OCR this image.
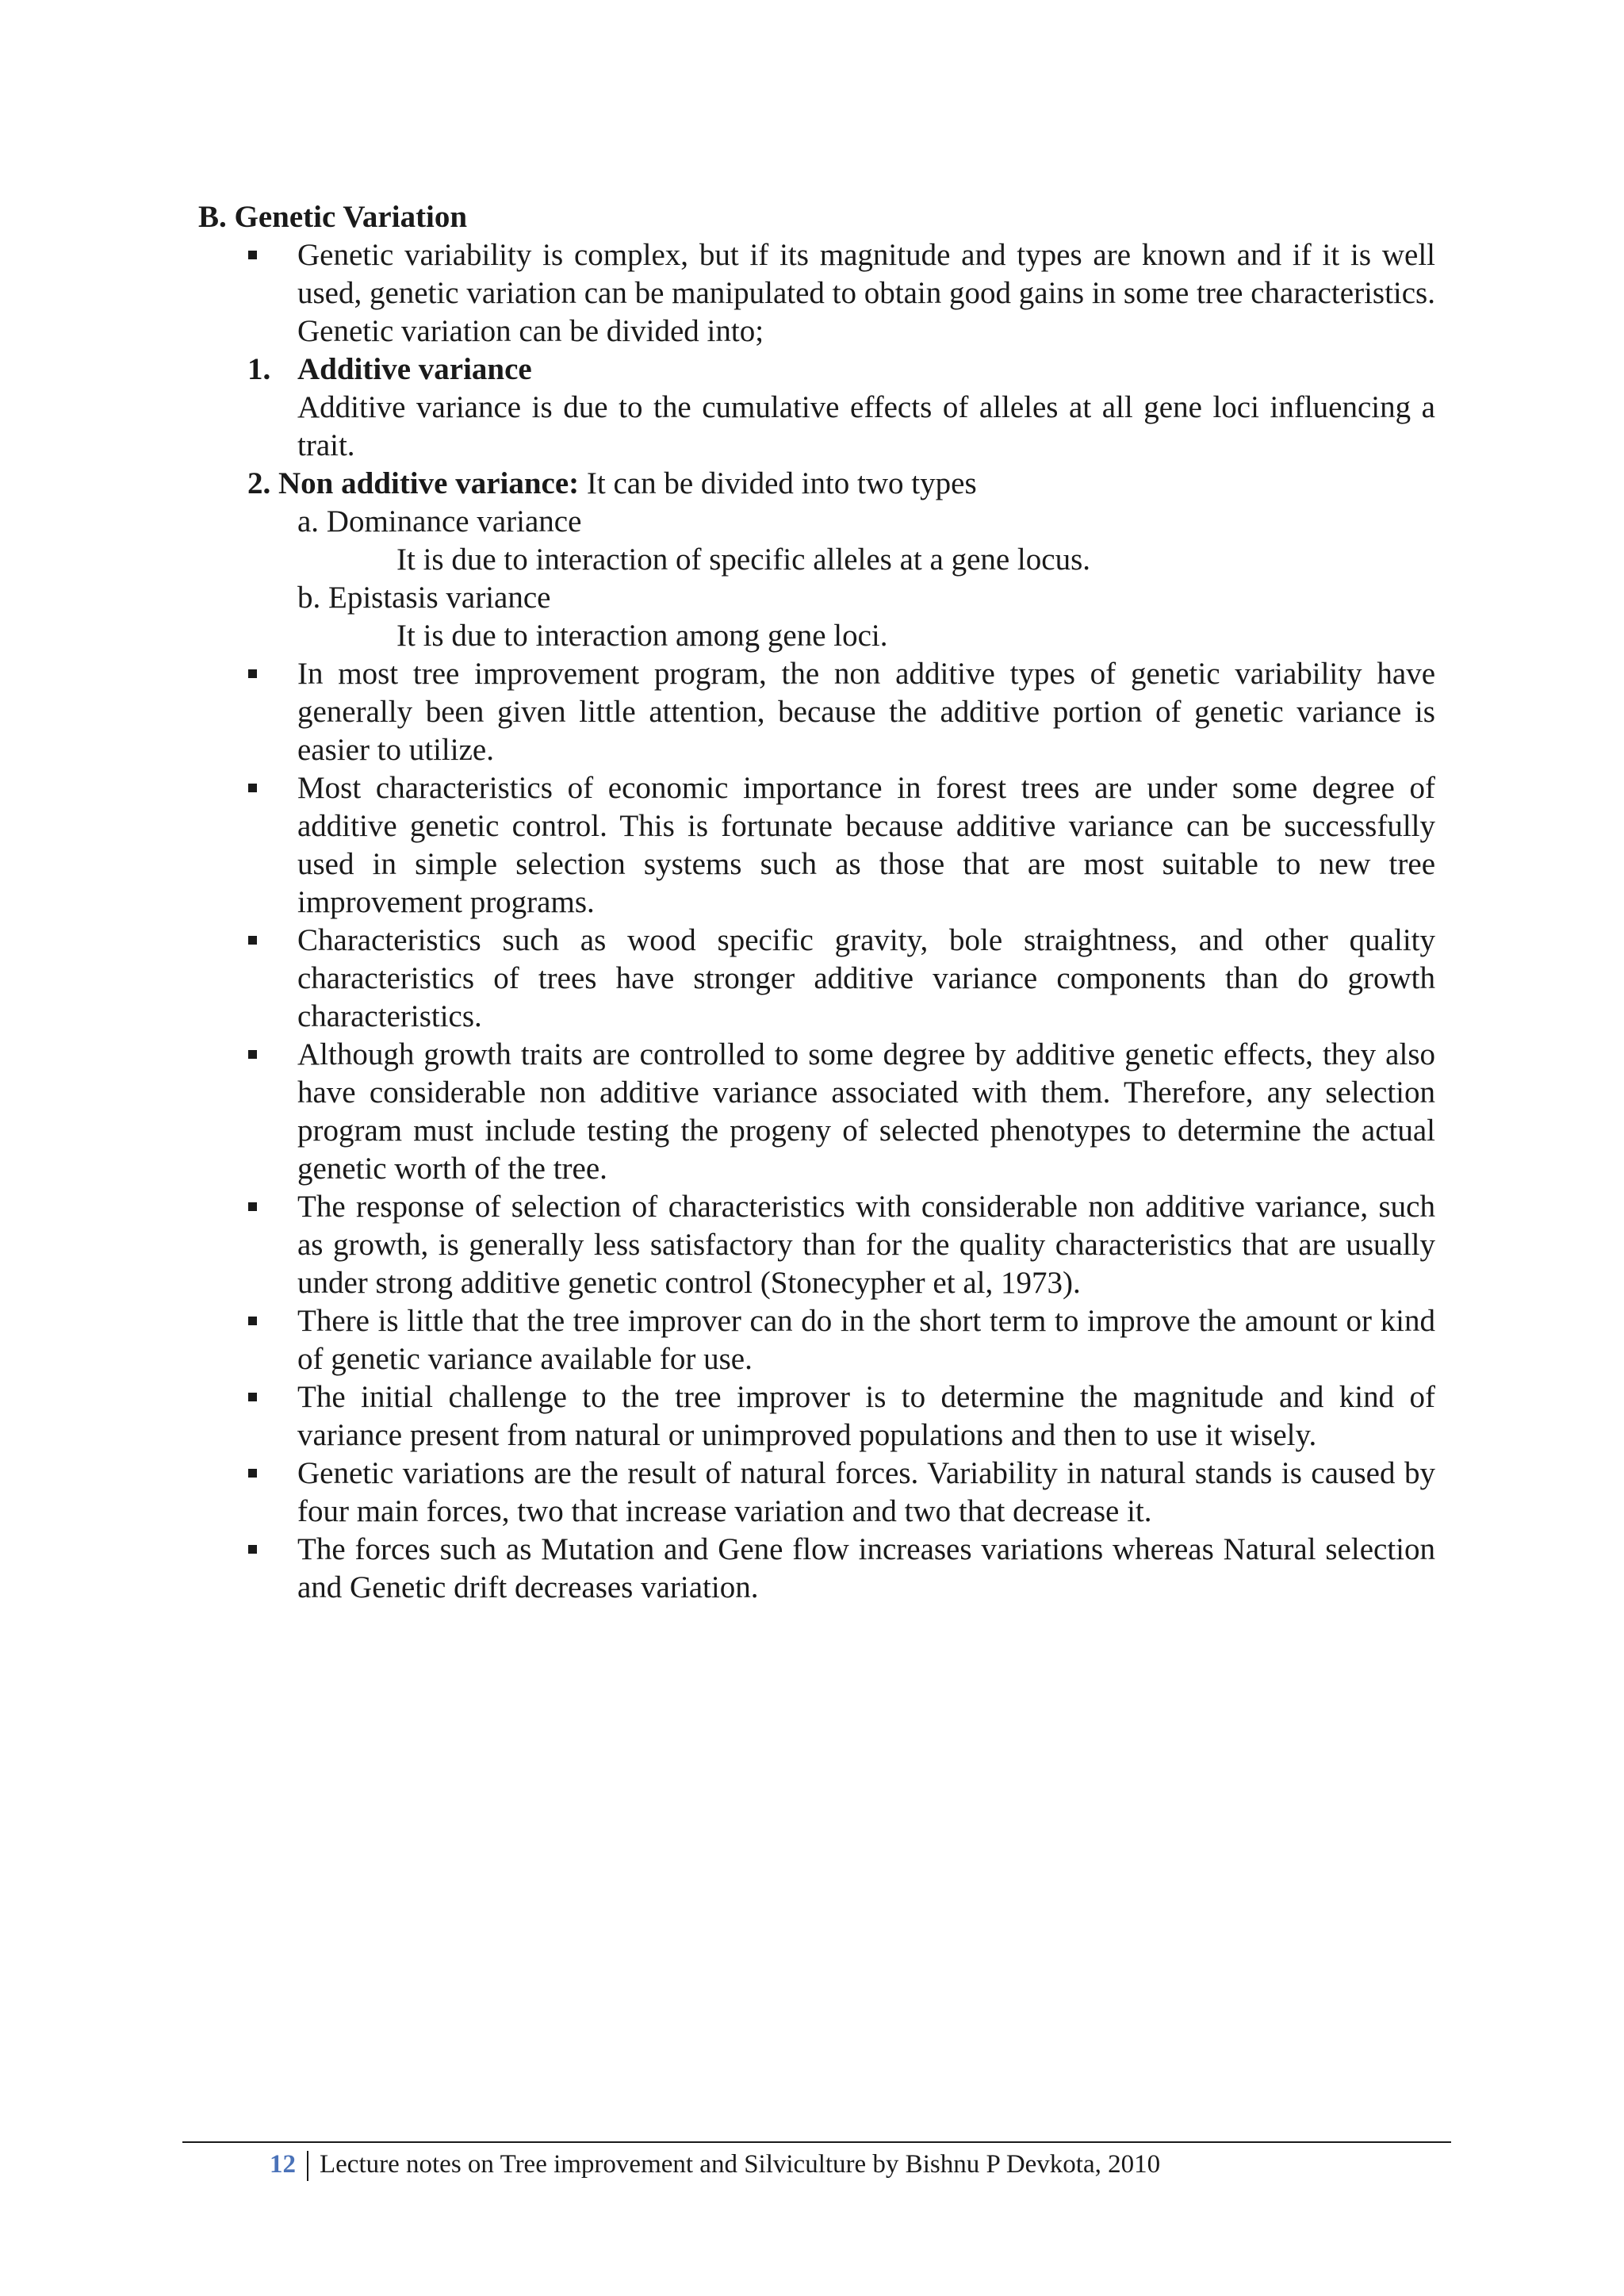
B. Genetic Variation

Genetic variability is complex, but if its magnitude and types are known and if it is well used, genetic variation can be manipulated to obtain good gains in some tree characteristics. Genetic variation can be divided into;
1. Additive variance
Additive variance is due to the cumulative effects of alleles at all gene loci influencing a trait.
2. Non additive variance: It can be divided into two types
a. Dominance variance
It is due to interaction of specific alleles at a gene locus.
b. Epistasis variance
It is due to interaction among gene loci.
In most tree improvement program, the non additive types of genetic variability have generally been given little attention, because the additive portion of genetic variance is easier to utilize.
Most characteristics of economic importance in forest trees are under some degree of additive genetic control. This is fortunate because additive variance can be successfully used in simple selection systems such as those that are most suitable to new tree improvement programs.
Characteristics such as wood specific gravity, bole straightness, and other quality characteristics of trees have stronger additive variance components than do growth characteristics.
Although growth traits are controlled to some degree by additive genetic effects, they also have considerable non additive variance associated with them. Therefore, any selection program must include testing the progeny of selected phenotypes to determine the actual genetic worth of the tree.
The response of selection of characteristics with considerable non additive variance, such as growth, is generally less satisfactory than for the quality characteristics that are usually under strong additive genetic control (Stonecypher et al, 1973).
There is little that the tree improver can do in the short term to improve the amount or kind of genetic variance available for use.
The initial challenge to the tree improver is to determine the magnitude and kind of variance present from natural or unimproved populations and then to use it wisely.
Genetic variations are the result of natural forces. Variability in natural stands is caused by four main forces, two that increase variation and two that decrease it.
The forces such as Mutation and Gene flow increases variations whereas Natural selection and Genetic drift decreases variation.
12 Lecture notes on Tree improvement and Silviculture by Bishnu P Devkota, 2010
